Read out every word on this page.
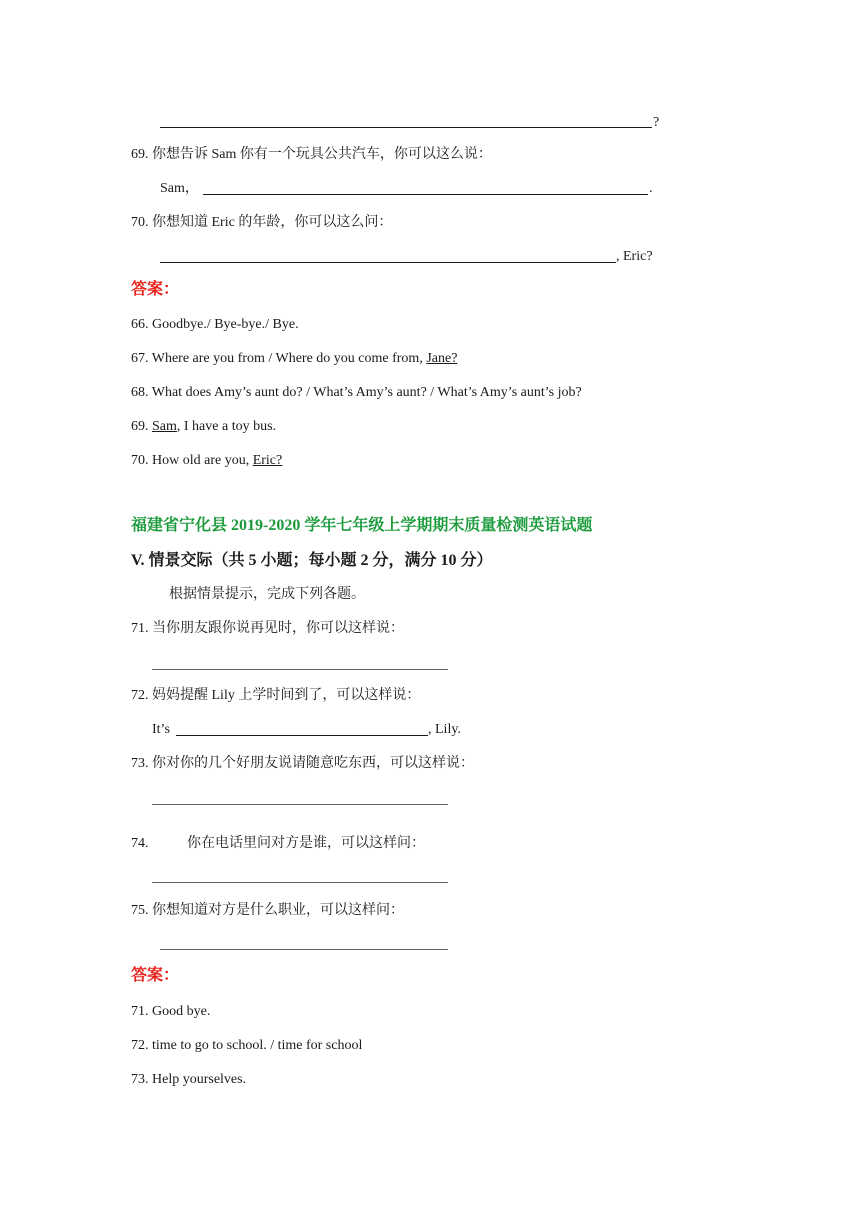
?
69. 你想告诉 Sam 你有一个玩具公共汽车，你可以这么说：
Sam，	.
70. 你想知道 Eric 的年龄，你可以这么问：
, Eric?
答案：
66. Goodbye./ Bye-bye./ Bye.
67. Where are you from / Where do you come from, Jane?
68. What does Amy’s aunt do? / What’s Amy’s aunt? / What’s Amy’s aunt’s job?
69. Sam, I have a toy bus.
70. How old are you, Eric?
福建省宁化县 2019-2020 学年七年级上学期期末质量检测英语试题
V. 情景交际（共 5 小题；每小题 2 分，满分 10 分）
根据情景提示，完成下列各题。
71. 当你朋友跟你说再见时，你可以这样说：
72. 妈妈提醒 Lily 上学时间到了，可以这样说：
It’s	, Lily.
73. 你对你的几个好朋友说请随意吃东西，可以这样说：
74.	你在电话里问对方是谁，可以这样问：
75. 你想知道对方是什么职业，可以这样问：
答案：
71. Good bye.
72. time to go to school. / time for school
73. Help yourselves.
